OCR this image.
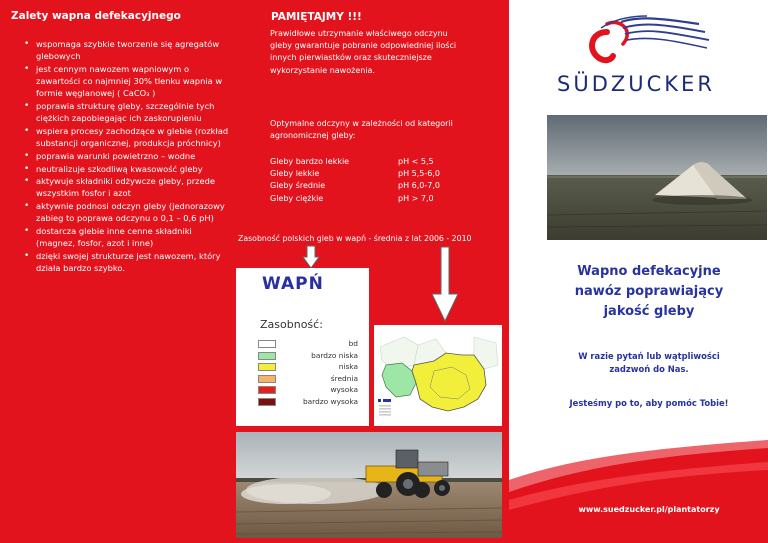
Zalety wapna defekacyjnego
• wspomaga szybkie tworzenie się agregatów glebowych
• jest cennym nawozem wapniowym o zawartości co najmniej 30% tlenku wapnia w formie węglanowej ( CaCO₃ )
• poprawia strukturę gleby, szczególnie tych ciężkich zapobiegając ich zaskorupieniu
• wspiera procesy zachodzące w glebie (rozkład substancji organicznej, produkcja próchnicy)
• poprawia warunki powietrzno – wodne
• neutralizuje szkodliwą kwasowość gleby
• aktywuje składniki odżywcze gleby, przede wszystkim fosfor i azot
• aktywnie podnosi odczyn gleby (jednorazowy zabieg to poprawa odczynu o 0,1 – 0,6 pH)
• dostarcza glebie inne cenne składniki (magnez, fosfor, azot i inne)
• dzięki swojej strukturze jest nawozem, który działa bardzo szybko.
PAMIĘTAJMY !!!

Prawidłowe utrzymanie właściwego odczynu gleby gwarantuje pobranie odpowiedniej ilości innych pierwiastków oraz skuteczniejsze wykorzystanie nawożenia.

Optymalne odczyny w zależności od kategorii agronomicznej gleby:

Gleby bardzo lekkie	pH < 5,5
Gleby lekkie	pH 5,5-6,0
Gleby średnie	pH 6,0-7,0
Gleby ciężkie	pH > 7,0
Zasobność polskich gleb w wapń - średnia z lat 2006 - 2010
WAPŃ
Zasobność:
bd
bardzo niska
niska
średnia
wysoka
bardzo wysoka
SÜDZUCKER
Wapno defekacyjne
nawóz poprawiający
jakość gleby
W razie pytań lub wątpliwości
zadzwoń do Nas.
Jesteśmy po to, aby pomóc Tobie!
www.suedzucker.pl/plantatorzy
